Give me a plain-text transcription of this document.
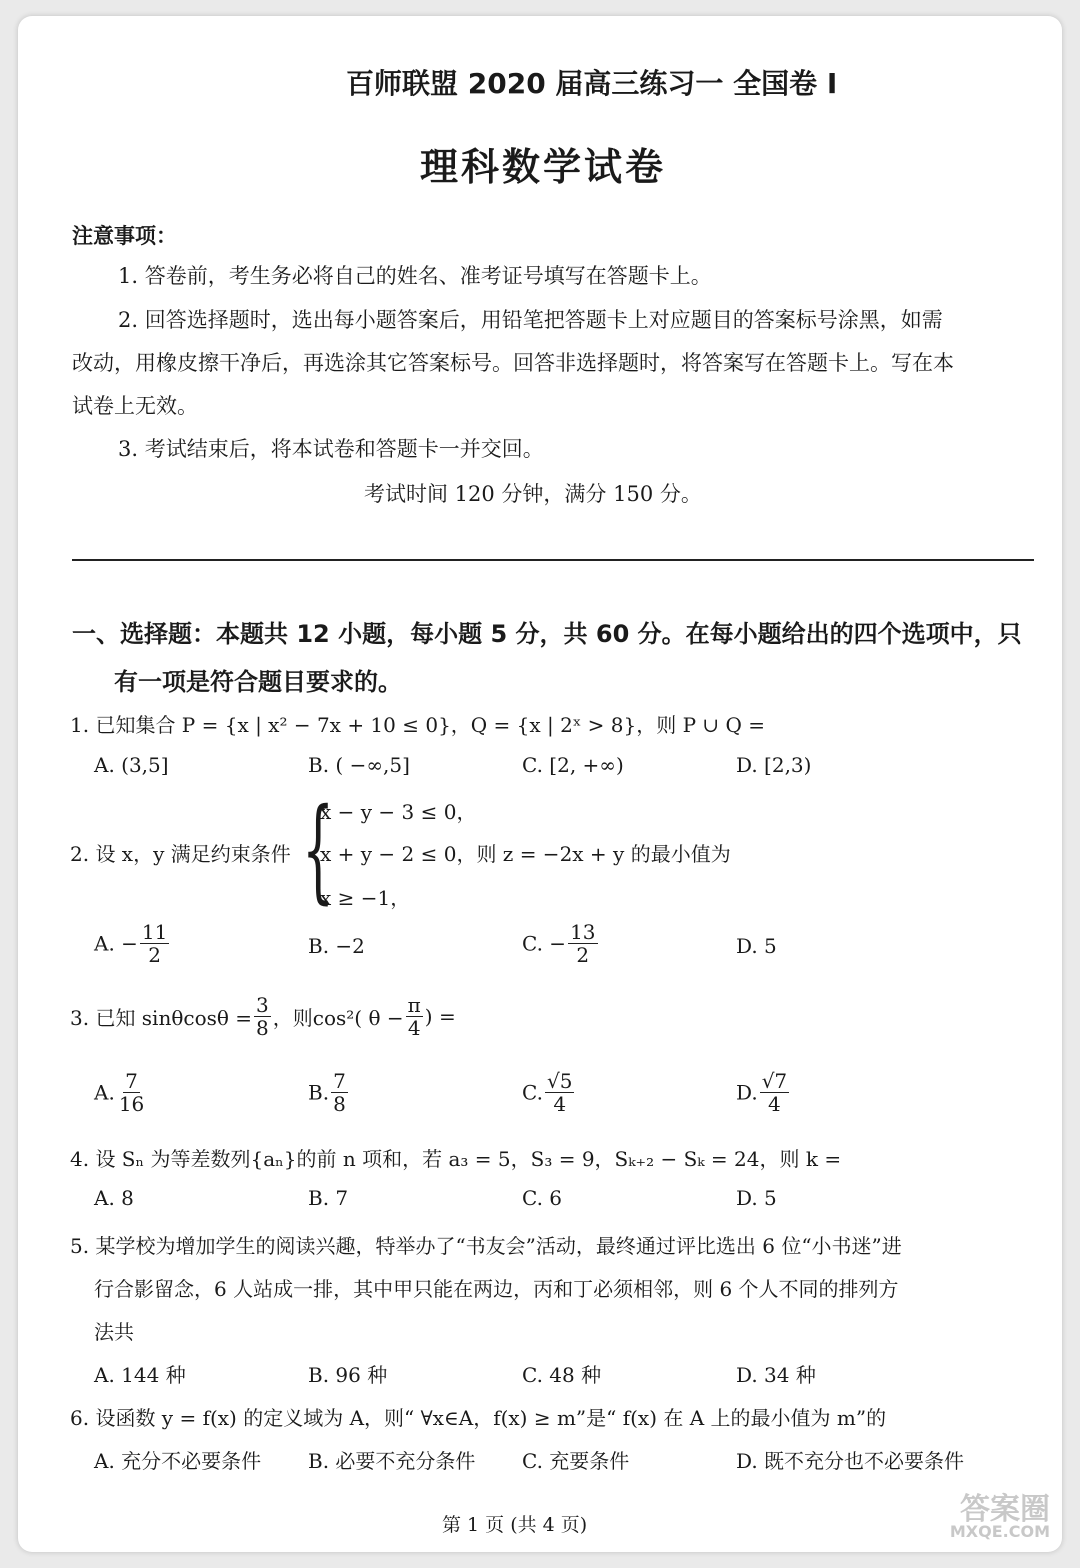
百师联盟 2020 届高三练习一 全国卷 Ⅰ
理科数学试卷
注意事项：
1. 答卷前，考生务必将自己的姓名、准考证号填写在答题卡上。
2. 回答选择题时，选出每小题答案后，用铅笔把答题卡上对应题目的答案标号涂黑，如需
改动，用橡皮擦干净后，再选涂其它答案标号。回答非选择题时，将答案写在答题卡上。写在本
试卷上无效。
3. 考试结束后，将本试卷和答题卡一并交回。
考试时间 120 分钟，满分 150 分。
一、选择题：本题共 12 小题，每小题 5 分，共 60 分。在每小题给出的四个选项中，只
有一项是符合题目要求的。
1. 已知集合 P = {x | x² − 7x + 10 ≤ 0}，Q = {x | 2ˣ > 8}，则 P ∪ Q =
A. (3,5]	B. ( −∞,5]	C. [2, +∞)	D. [2,3)
2. 设 x，y 满足约束条件 {
x − y − 3 ≤ 0，
x + y − 2 ≤ 0，则 z = −2x + y 的最小值为
x ≥ −1，
A. − $\frac{11}{2}$	B. −2	C. − $\frac{13}{2}$	D. 5
3. 已知 $\sin\theta\cos\theta = \frac{3}{8}$ ，则cos²( $\theta - \frac{\pi}{4}$ ) =
A. $\frac{7}{16}$	B. $\frac{7}{8}$	C. $\frac{√5}{4}$	D. $\frac{√7}{4}$
4. 设 Sₙ 为等差数列{aₙ}的前 n 项和，若 a₃ = 5，S₃ = 9，Sₖ₊₂ − Sₖ = 24，则 k =
A. 8	B. 7	C. 6	D. 5
5. 某学校为增加学生的阅读兴趣，特举办了“书友会”活动，最终通过评比选出 6 位“小书迷”进
行合影留念，6 人站成一排，其中甲只能在两边，丙和丁必须相邻，则 6 个人不同的排列方
法共
A. 144 种	B. 96 种	C. 48 种	D. 34 种
6. 设函数 y = f(x) 的定义域为 A，则“ ∀x∈A，f(x) ≥ m”是“ f(x) 在 A 上的最小值为 m”的
A. 充分不必要条件 B. 必要不充分条件 C. 充要条件	D. 既不充分也不必要条件
第 1 页 (共 4 页)	答案圈
MXQE.COM
